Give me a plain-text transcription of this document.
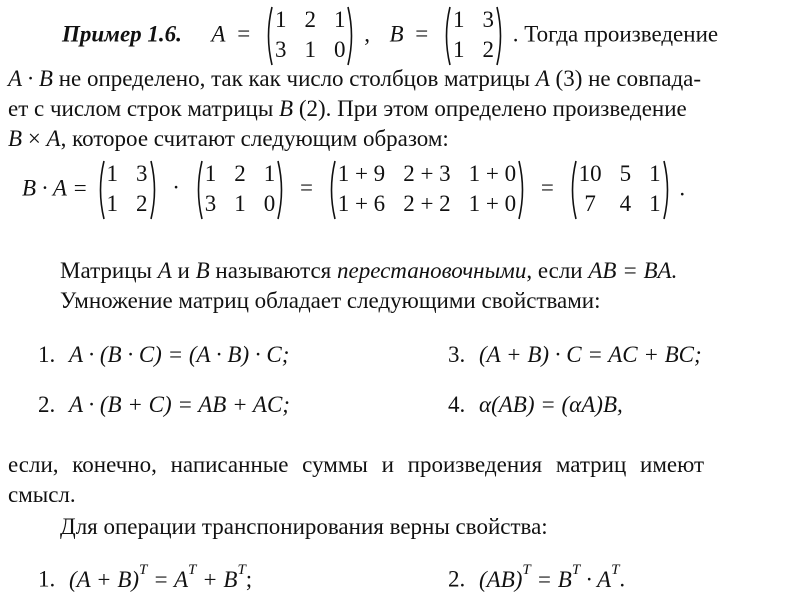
Пример 1.6. A =
1 2 1
3 1 0
, B =
1 3
1 2
. Тогда произведение
A · B не определено, так как число столбцов матрицы A (3) не совпада-
ет с числом строк матрицы B (2). При этом определено произведение
B × A, которое считают следующим образом:
B · A =
1 3
1 2
·
1 2 1
3 1 0
=
1 + 9 2 + 3 1 + 0
1 + 6 2 + 2 1 + 0
=
10 5 1
7 4 1
.
Матрицы A и B называются перестановочными, если AB = BA.
Умножение матриц обладает следующими свойствами:
1. A · (B · C) = (A · B) · C;	3. (A + B) · C = AC + BC;
2. A · (B + C) = AB + AC;	4. α(AB) = (αA)B,
если, конечно, написанные суммы и произведения матриц имеют
смысл.
Для операции транспонирования верны свойства:
1. $(A + B)^T = A^T + B^T$;	2. $(AB)^T = B^T \cdot A^T$.
